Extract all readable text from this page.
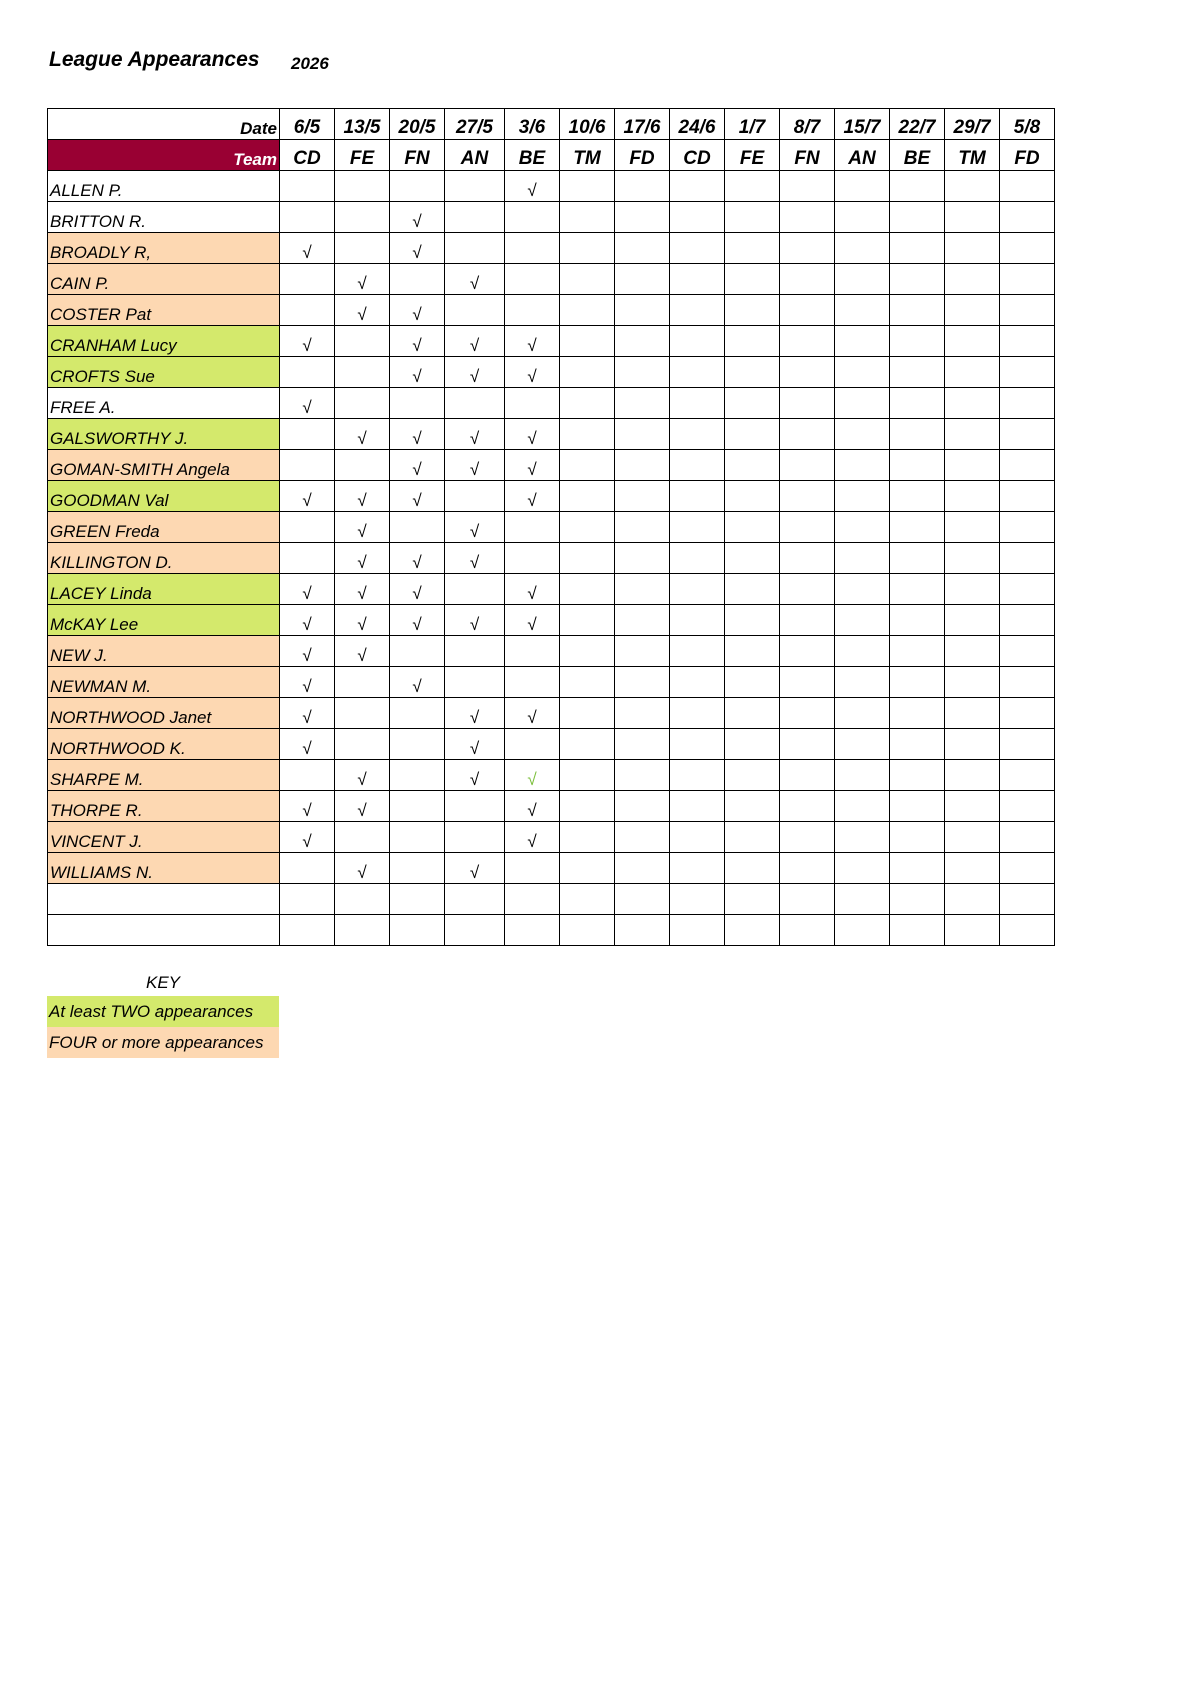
League Appearances 2026
Date	6/5	13/5	20/5	27/5	3/6	10/6	17/6	24/6	1/7	8/7	15/7	22/7	29/7	5/8
Team	CD	FE	FN	AN	BE	TM	FD	CD	FE	FN	AN	BE	TM	FD
ALLEN P.					√									
BRITTON R.			√											
BROADLY R,	√		√											
CAIN P.		√		√										
COSTER Pat		√	√											
CRANHAM Lucy	√		√	√	√									
CROFTS Sue			√	√	√									
FREE A.	√													
GALSWORTHY J.		√	√	√	√									
GOMAN-SMITH Angela			√	√	√									
GOODMAN Val	√	√	√		√									
GREEN Freda		√		√										
KILLINGTON D.		√	√	√										
LACEY Linda	√	√	√		√									
McKAY Lee	√	√	√	√	√									
NEW J.	√	√												
NEWMAN M.	√		√											
NORTHWOOD Janet	√			√	√									
NORTHWOOD K.	√			√										
SHARPE M.		√		√	√									
THORPE R.	√	√			√									
VINCENT J.	√				√									
WILLIAMS N.		√		√										

KEY
At least TWO appearances
FOUR or more appearances
